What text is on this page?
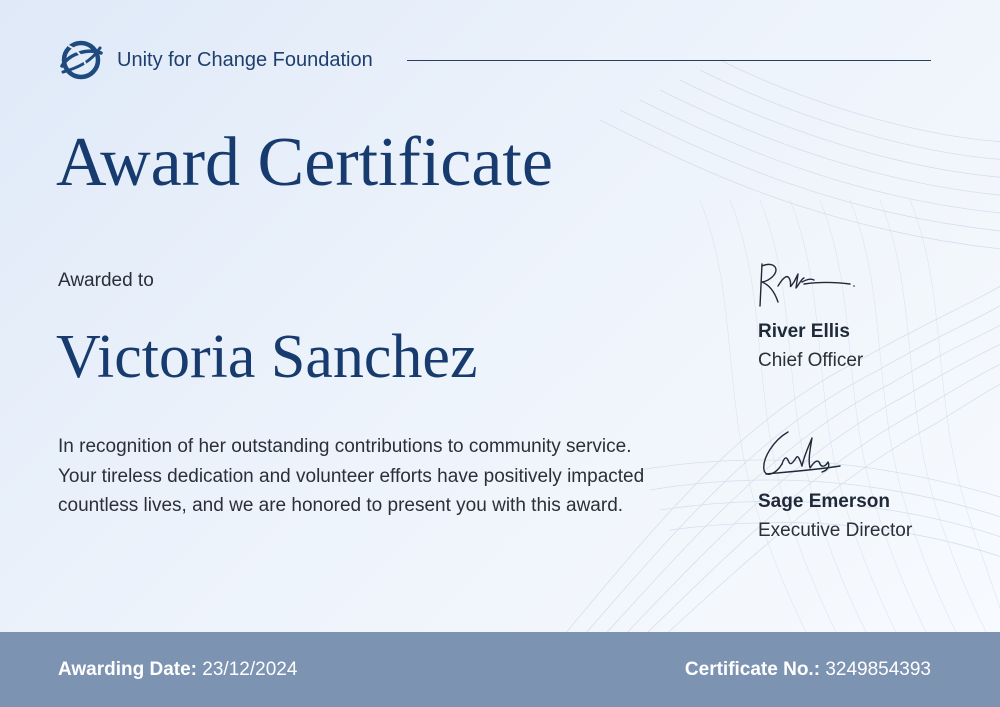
Unity for Change Foundation
Award Certificate
Awarded to
Victoria Sanchez

In recognition of her outstanding contributions to community service. Your tireless dedication and volunteer efforts have positively impacted countless lives, and we are honored to present you with this award.

River Ellis
Chief Officer
Sage Emerson
Executive Director
Awarding Date: 23/12/2024	Certificate No.: 3249854393
